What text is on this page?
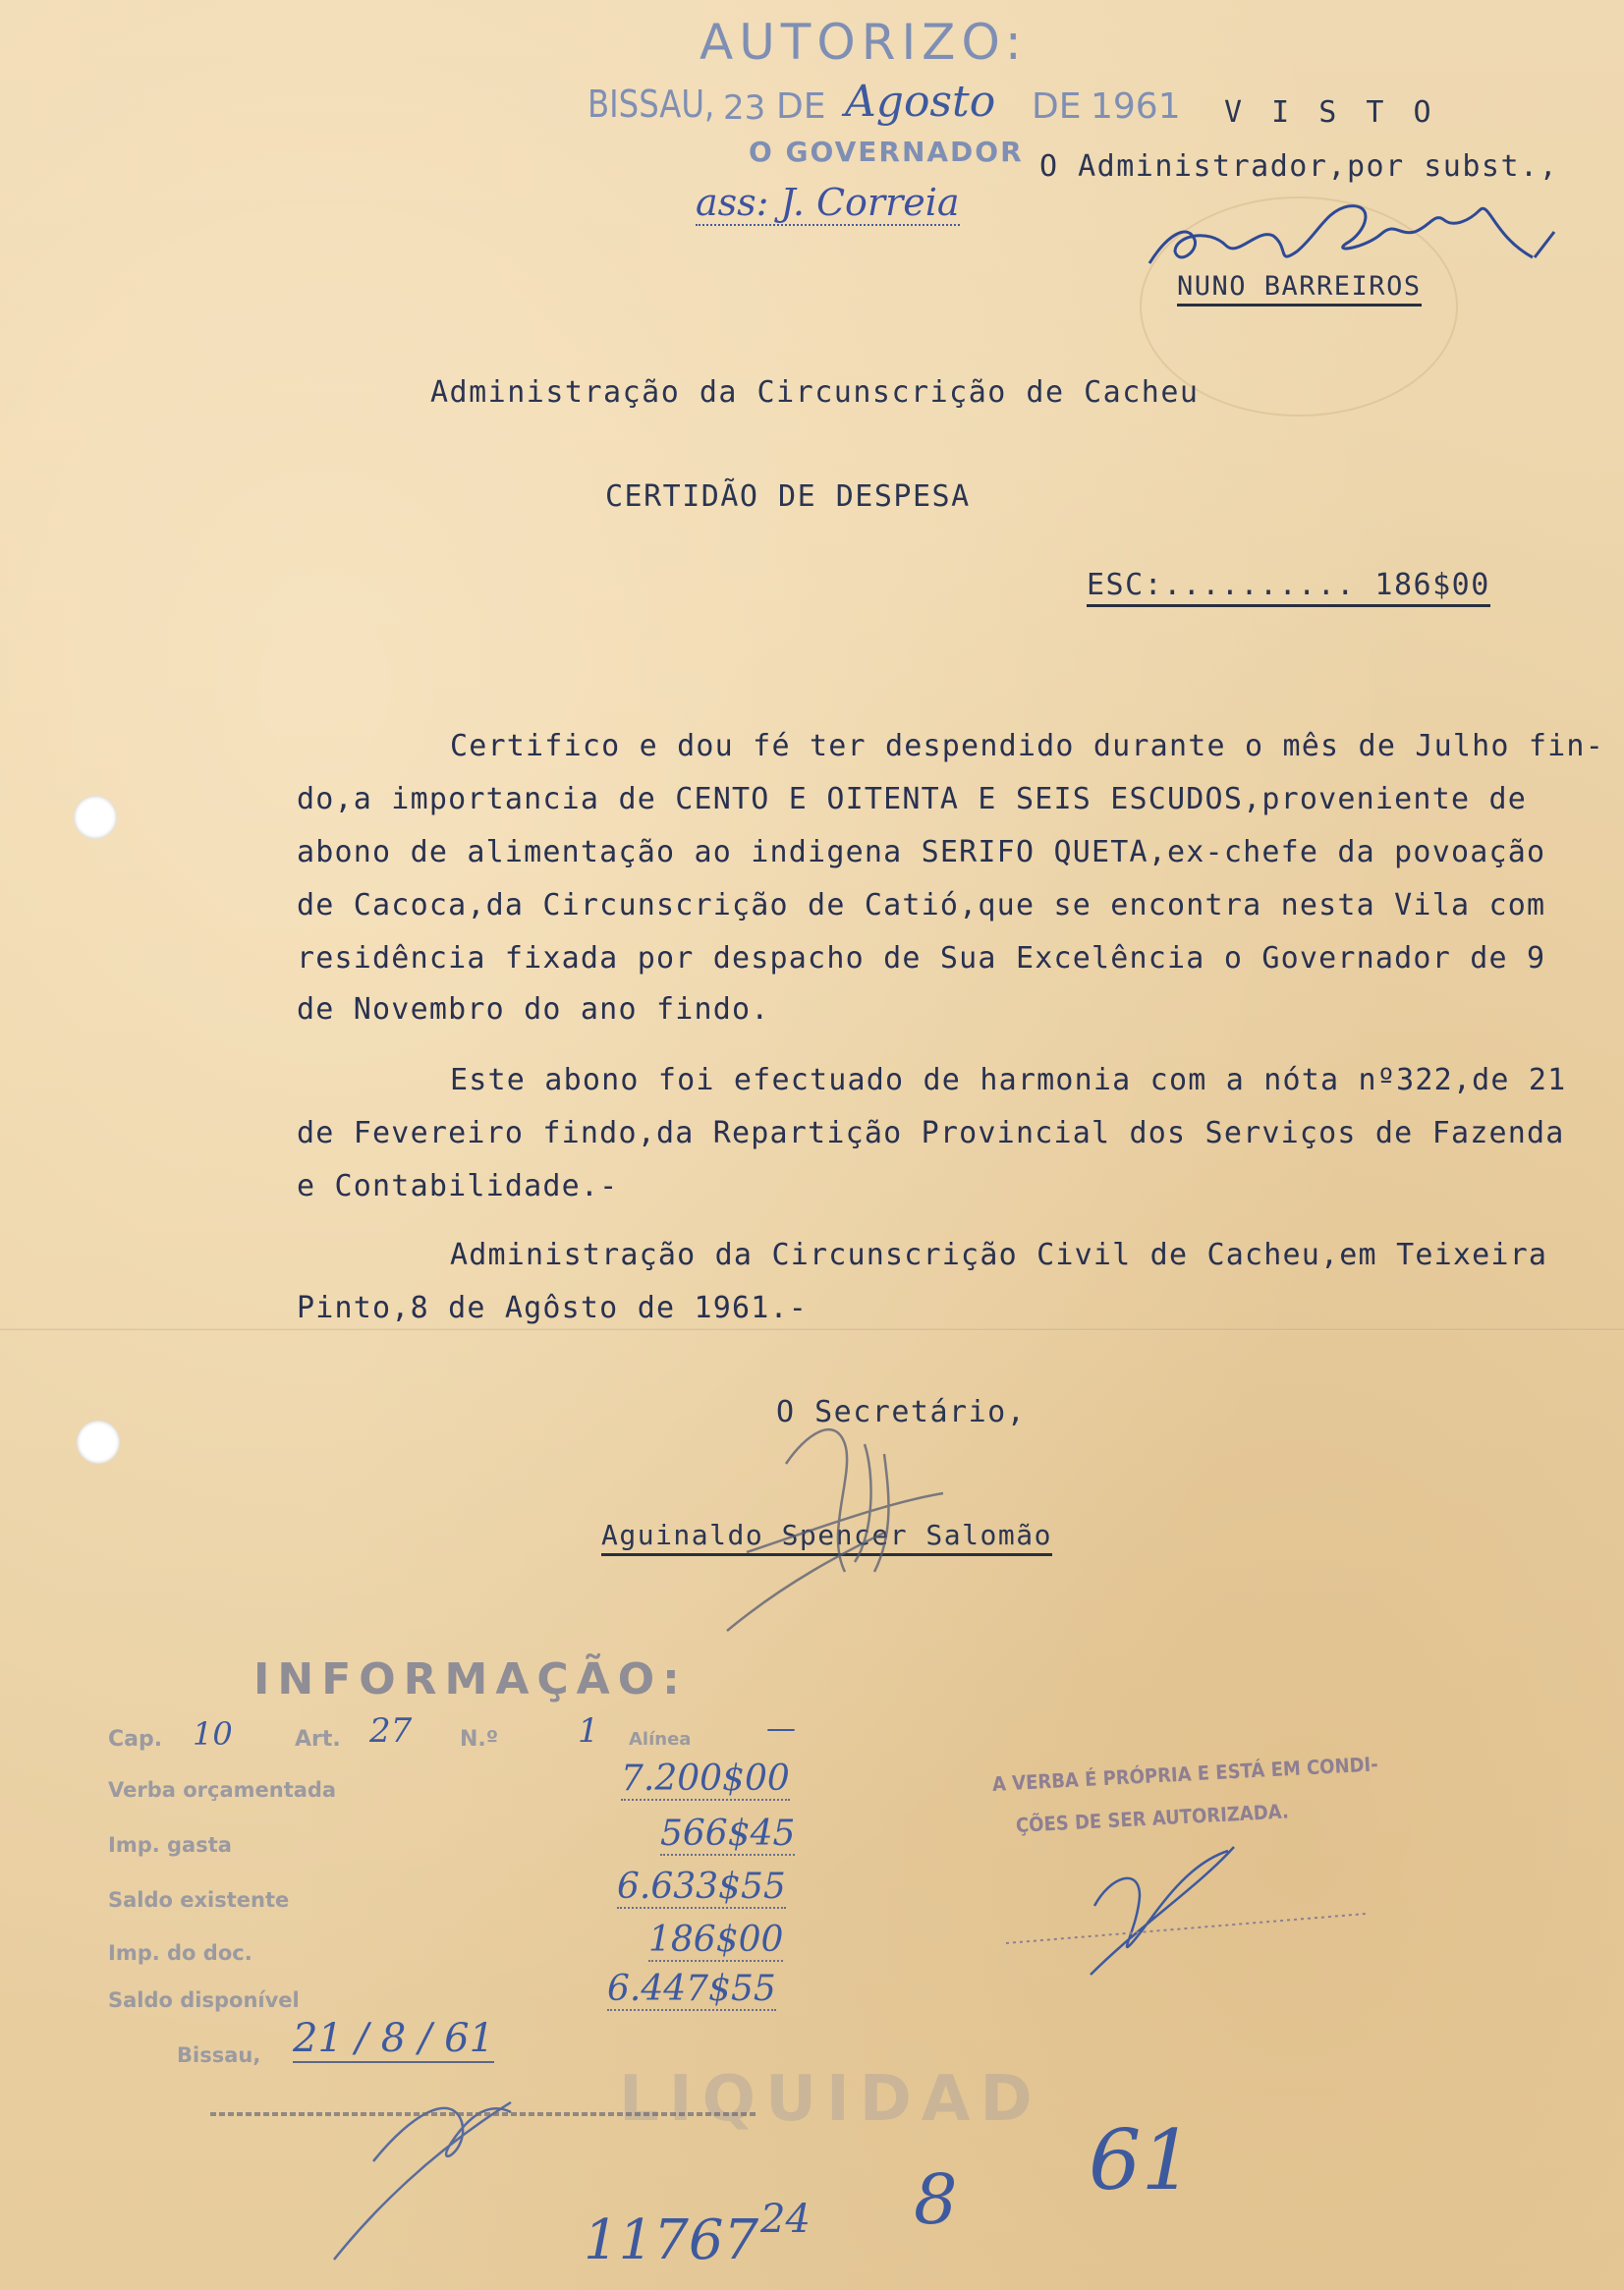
AUTORIZO:
BISSAU, 23 DE Agosto DE 1961
O GOVERNADOR
ass: J. Correia
V I S T O
O Administrador,por subst.,
NUNO BARREIROS
Administração da Circunscrição de Cacheu
CERTIDÃO DE DESPESA
ESC:.......... 186$00
Certifico e dou fé ter despendido durante o mês de Julho fin-
do,a importancia de CENTO E OITENTA E SEIS ESCUDOS,proveniente de
abono de alimentação ao indigena SERIFO QUETA,ex-chefe da povoação
de Cacoca,da Circunscrição de Catió,que se encontra nesta Vila com
residência fixada por despacho de Sua Excelência o Governador de 9
de Novembro do ano findo.
Este abono foi efectuado de harmonia com a nóta nº322,de 21
de Fevereiro findo,da Repartição Provincial dos Serviços de Fazenda
e Contabilidade.-
Administração da Circunscrição Civil de Cacheu,em Teixeira
Pinto,8 de Agôsto de 1961.-
O Secretário,
Aguinaldo Spencer Salomão
INFORMAÇÃO:
Cap. 10	Art. 27 N.º 1 Alínea	—
Verba orçamentada	7.200$00
Imp. gasta	566$45
Saldo existente	6.633$55
Imp. do doc.	186$00
Saldo disponível	6.447$55
Bissau, 21 / 8 / 61
LIQUIDAD
A VERBA É PRÓPRIA E ESTÁ EM CONDI-
ÇÕES DE SER AUTORIZADA.
11767 24 8 61
